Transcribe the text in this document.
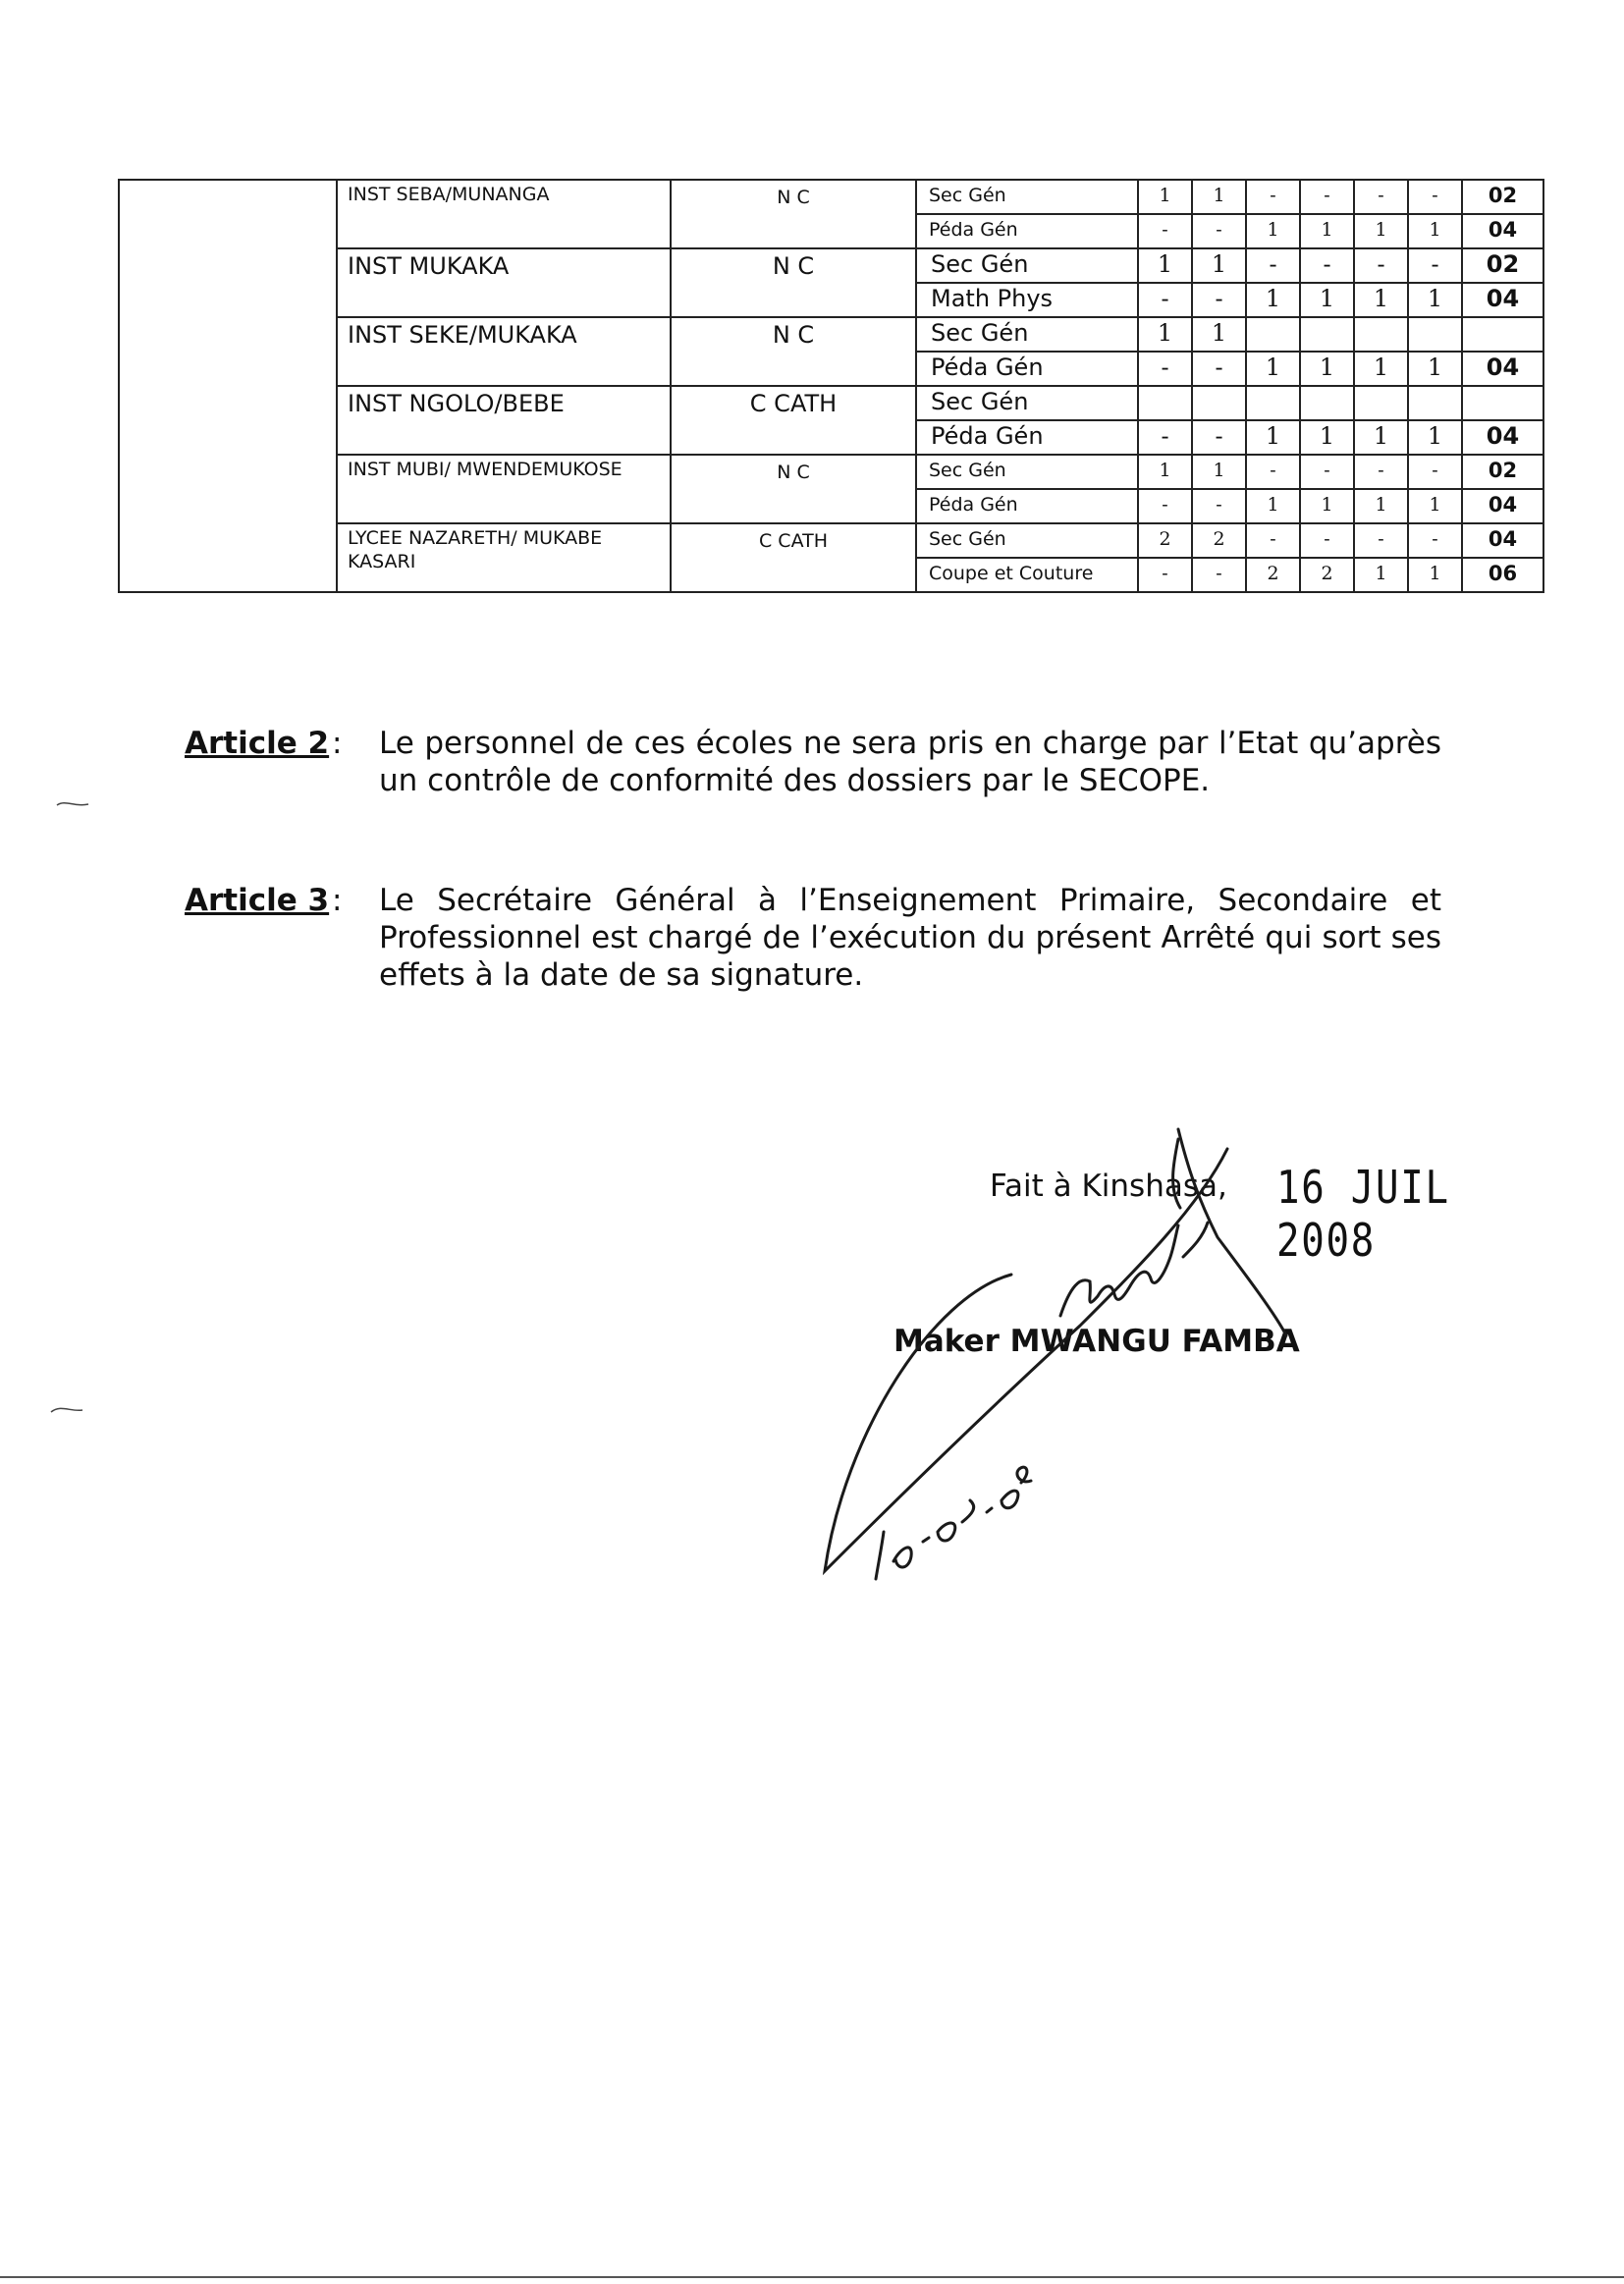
	INST SEBA/MUNANGA	N C	Sec Gén	1	1	-	-	-	-	02
			Péda Gén	-	-	1	1	1	1	04
	INST MUKAKA	N C	Sec Gén	1	1	-	-	-	-	02
			Math Phys	-	-	1	1	1	1	04
	INST SEKE/MUKAKA	N C	Sec Gén	1	1					
			Péda Gén	-	-	1	1	1	1	04
	INST NGOLO/BEBE	C CATH	Sec Gén							
			Péda Gén	-	-	1	1	1	1	04
	INST MUBI/ MWENDEMUKOSE	N C	Sec Gén	1	1	-	-	-	-	02
			Péda Gén	-	-	1	1	1	1	04
	LYCEE NAZARETH/ MUKABE KASARI	C CATH	Sec Gén	2	2	-	-	-	-	04
			Coupe et Couture	-	-	2	2	1	1	06
Article 2 : Le personnel de ces écoles ne sera pris en charge par l’Etat qu’après un contrôle de conformité des dossiers par le SECOPE.
Article 3 : Le Secrétaire Général à l’Enseignement Primaire, Secondaire et Professionnel est chargé de l’exécution du présent Arrêté qui sort ses effets à la date de sa signature.
Fait à Kinshasa, 16 JUIL 2008
Maker MWANGU FAMBA
